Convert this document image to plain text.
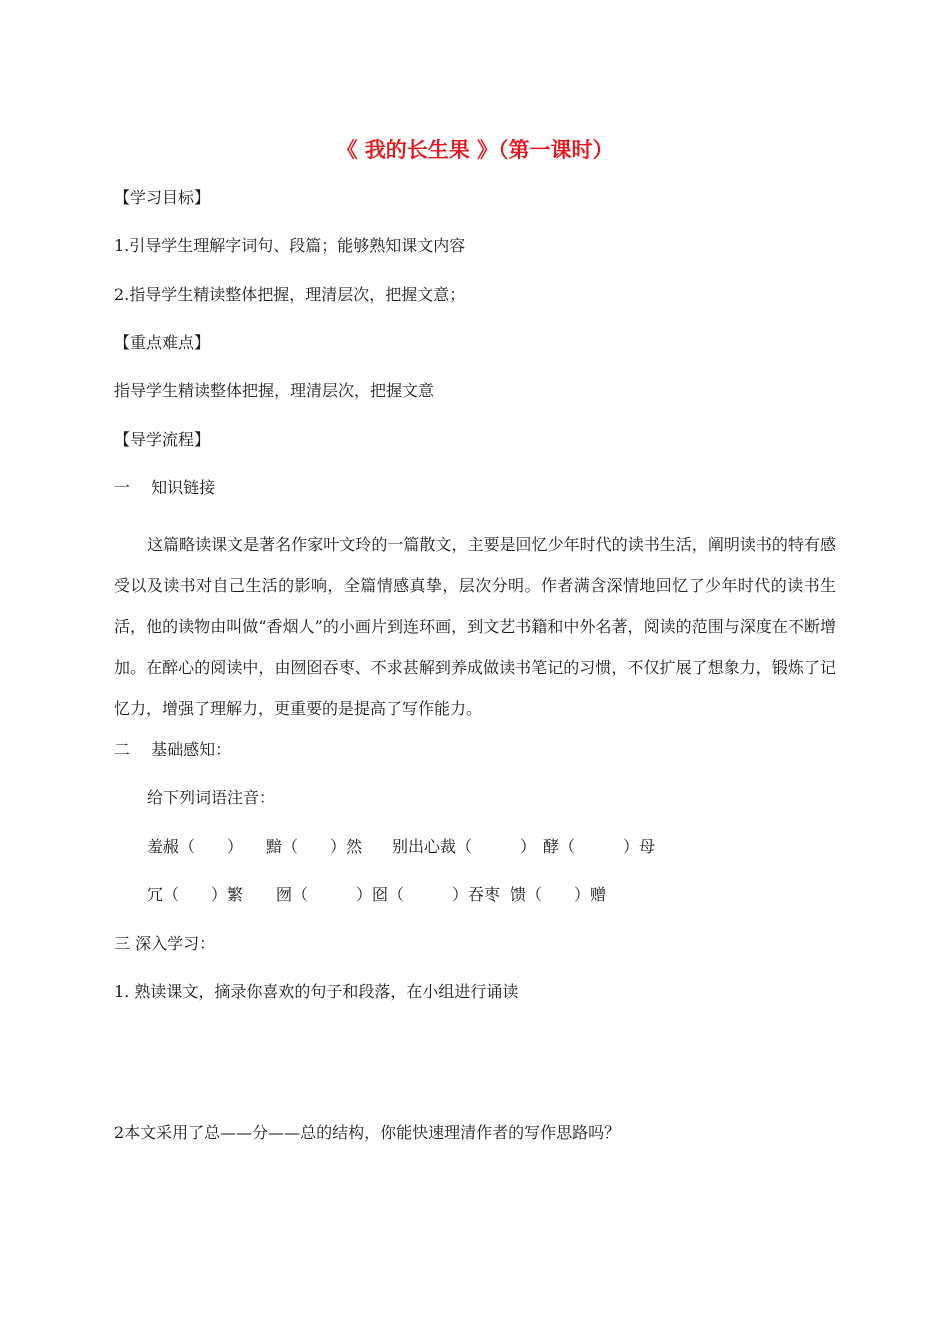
《 我的长生果 》（第一课时）
【学习目标】
1.引导学生理解字词句、段篇；能够熟知课文内容
2.指导学生精读整体把握，理清层次，把握文意；
【重点难点】
指导学生精读整体把握，理清层次，把握文意
【导学流程】
一　 知识链接
这篇略读课文是著名作家叶文玲的一篇散文，主要是回忆少年时代的读书生活，阐明读书的特有感受以及读书对自己生活的影响，全篇情感真挚，层次分明。作者满含深情地回忆了少年时代的读书生活，他的读物由叫做“香烟人”的小画片到连环画，到文艺书籍和中外名著，阅读的范围与深度在不断增加。在醉心的阅读中，由囫囵吞枣、不求甚解到养成做读书笔记的习惯，不仅扩展了想象力，锻炼了记忆力，增强了理解力，更重要的是提高了写作能力。
二　 基础感知：
给下列词语注音：
羞赧（　　） 黯（　　）然 别出心裁（　　　） 酵（　　　）母
冗（　　）繁 囫（　　　）囵（　　　）吞枣 馈（　　）赠
三 深入学习：
1. 熟读课文，摘录你喜欢的句子和段落，在小组进行诵读
2本文采用了总——分——总的结构，你能快速理清作者的写作思路吗？
